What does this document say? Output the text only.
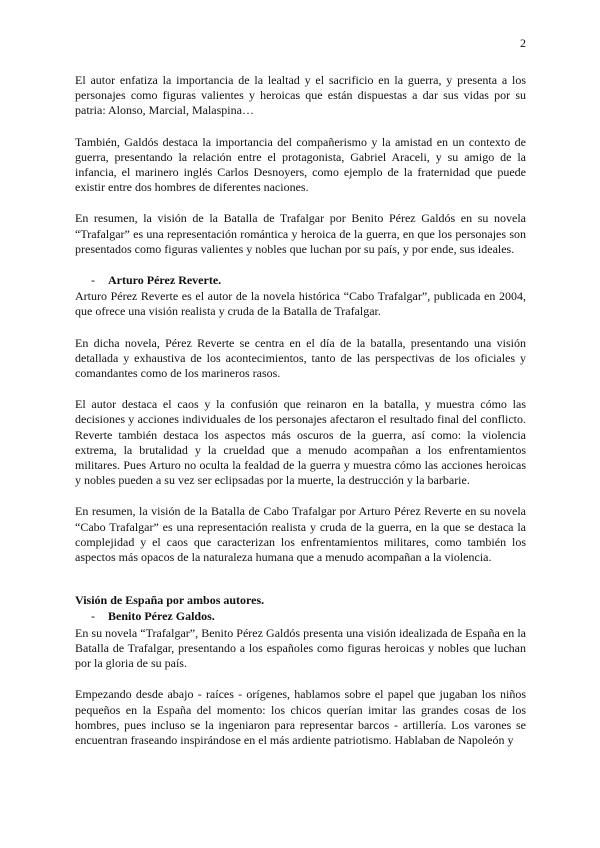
2

El autor enfatiza la importancia de la lealtad y el sacrificio en la guerra, y presenta a los personajes como figuras valientes y heroicas que están dispuestas a dar sus vidas por su patria: Alonso, Marcial, Malaspina…

También, Galdós destaca la importancia del compañerismo y la amistad en un contexto de guerra, presentando la relación entre el protagonista, Gabriel Araceli, y su amigo de la infancia, el marinero inglés Carlos Desnoyers, como ejemplo de la fraternidad que puede existir entre dos hombres de diferentes naciones.

En resumen, la visión de la Batalla de Trafalgar por Benito Pérez Galdós en su novela “Trafalgar” es una representación romántica y heroica de la guerra, en que los personajes son presentados como figuras valientes y nobles que luchan por su país, y por ende, sus ideales.

-	Arturo Pérez Reverte.

Arturo Pérez Reverte es el autor de la novela histórica “Cabo Trafalgar”, publicada en 2004, que ofrece una visión realista y cruda de la Batalla de Trafalgar.

En dicha novela, Pérez Reverte se centra en el día de la batalla, presentando una visión detallada y exhaustiva de los acontecimientos, tanto de las perspectivas de los oficiales y comandantes como de los marineros rasos.

El autor destaca el caos y la confusión que reinaron en la batalla, y muestra cómo las decisiones y acciones individuales de los personajes afectaron el resultado final del conflicto. Reverte también destaca los aspectos más oscuros de la guerra, así como: la violencia extrema, la brutalidad y la crueldad que a menudo acompañan a los enfrentamientos militares. Pues Arturo no oculta la fealdad de la guerra y muestra cómo las acciones heroicas y nobles pueden a su vez ser eclipsadas por la muerte, la destrucción y la barbarie.

En resumen, la visión de la Batalla de Cabo Trafalgar por Arturo Pérez Reverte en su novela “Cabo Trafalgar” es una representación realista y cruda de la guerra, en la que se destaca la complejidad y el caos que caracterizan los enfrentamientos militares, como también los aspectos más opacos de la naturaleza humana que a menudo acompañan a la violencia.

Visión de España por ambos autores.

-	Benito Pérez Galdos.

En su novela “Trafalgar”, Benito Pérez Galdós presenta una visión idealizada de España en la Batalla de Trafalgar, presentando a los españoles como figuras heroicas y nobles que luchan por la gloria de su país.

Empezando desde abajo - raíces - orígenes, hablamos sobre el papel que jugaban los niños pequeños en la España del momento: los chicos querían imitar las grandes cosas de los hombres, pues incluso se la ingeniaron para representar barcos - artillería. Los varones se encuentran fraseando inspirándose en el más ardiente patriotismo. Hablaban de Napoleón y
